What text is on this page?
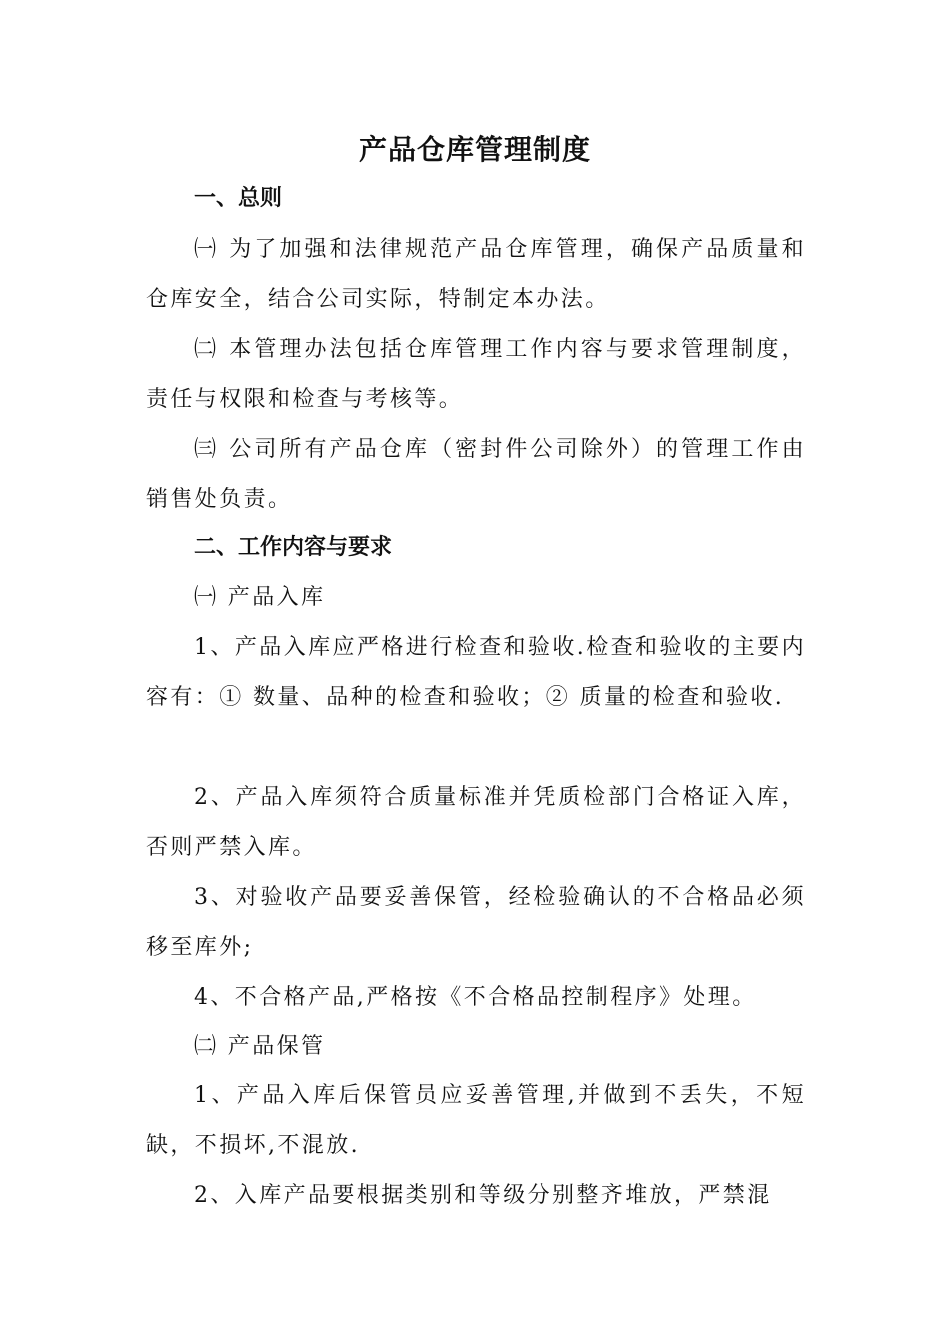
产品仓库管理制度
一、总则

㈠ 为了加强和法律规范产品仓库管理，确保产品质量和仓库安全，结合公司实际，特制定本办法。

㈡ 本管理办法包括仓库管理工作内容与要求管理制度，责任与权限和检查与考核等。

㈢ 公司所有产品仓库（密封件公司除外）的管理工作由销售处负责。

二、工作内容与要求

㈠ 产品入库

1、产品入库应严格进行检查和验收.检查和验收的主要内容有：① 数量、品种的检查和验收；② 质量的检查和验收.

2、产品入库须符合质量标准并凭质检部门合格证入库，否则严禁入库。

3、对验收产品要妥善保管，经检验确认的不合格品必须移至库外;

4、不合格产品,严格按《不合格品控制程序》处理。

㈡ 产品保管

1、产品入库后保管员应妥善管理,并做到不丢失，不短缺，不损坏,不混放.

2、入库产品要根据类别和等级分别整齐堆放，严禁混
